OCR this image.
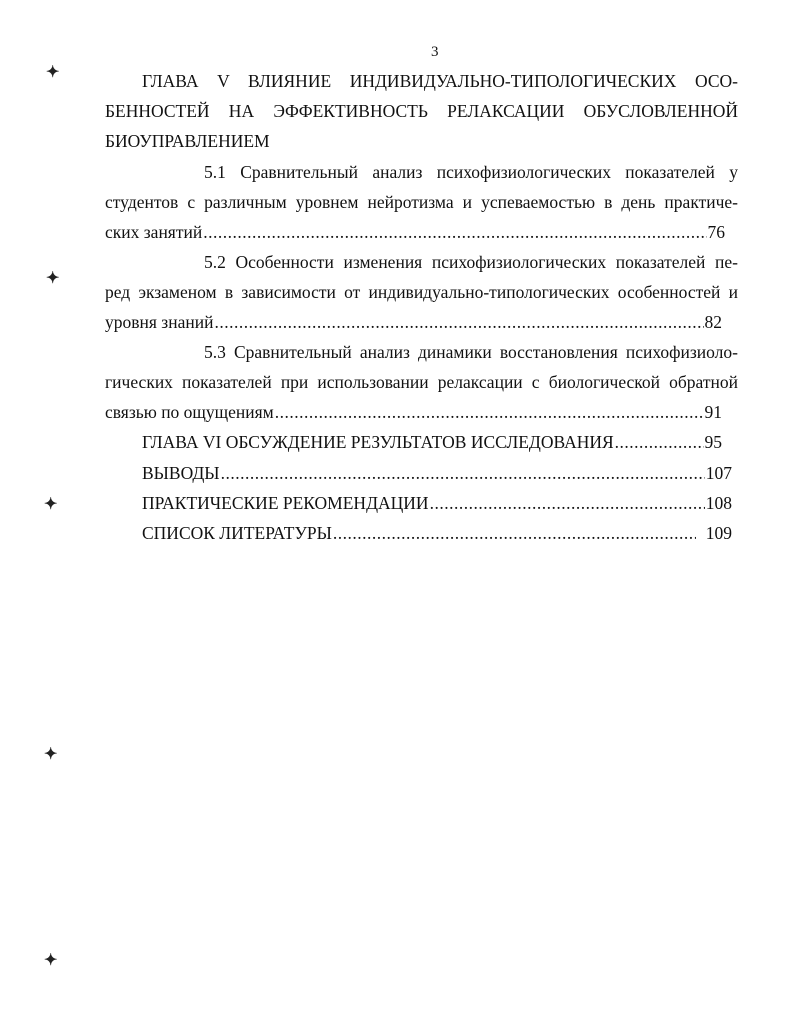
✦
✦
✦
✦
✦
3
ГЛАВА V ВЛИЯНИЕ ИНДИВИДУАЛЬНО-ТИПОЛОГИЧЕСКИХ ОСО-
БЕННОСТЕЙ НА ЭФФЕКТИВНОСТЬ РЕЛАКСАЦИИ ОБУСЛОВЛЕННОЙ
БИОУПРАВЛЕНИЕМ
5.1 Сравнительный анализ психофизиологических показателей у
студентов с различным уровнем нейротизма и успеваемостью в день практиче-
ских занятий .....	76
5.2 Особенности изменения психофизиологических показателей пе-
ред экзаменом в зависимости от индивидуально-типологических особенностей и
уровня знаний .....	82
5.3 Сравнительный анализ динамики восстановления психофизиоло-
гических показателей при использовании релаксации с биологической обратной
связью по ощущениям .....	91
ГЛАВА VI ОБСУЖДЕНИЕ РЕЗУЛЬТАТОВ ИССЛЕДОВАНИЯ .....	95
ВЫВОДЫ .....	107
ПРАКТИЧЕСКИЕ РЕКОМЕНДАЦИИ .....	108
СПИСОК ЛИТЕРАТУРЫ .....	109
